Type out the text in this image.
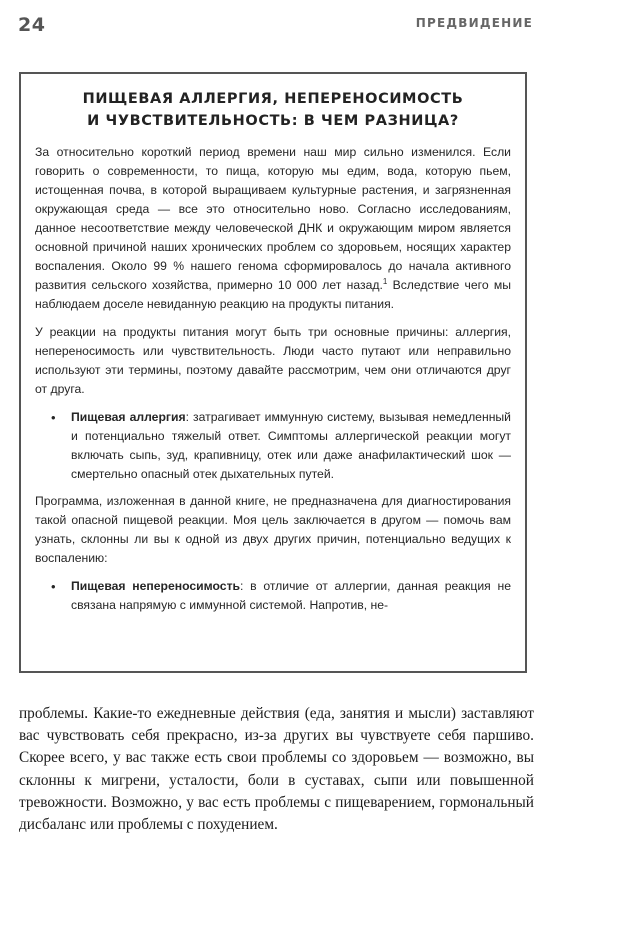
24	ПРЕДВИДЕНИЕ
ПИЩЕВАЯ АЛЛЕРГИЯ, НЕПЕРЕНОСИМОСТЬ
И ЧУВСТВИТЕЛЬНОСТЬ: В ЧЕМ РАЗНИЦА?

За относительно короткий период времени наш мир сильно изменился. Если говорить о современности, то пища, которую мы едим, вода, которую пьем, истощенная почва, в которой выращиваем культурные растения, и загрязненная окружающая среда — все это относительно ново. Согласно исследованиям, данное несоответствие между человеческой ДНК и окружающим миром является основной причиной наших хронических проблем со здоровьем, носящих характер воспаления. Около 99 % нашего генома сформировалось до начала активного развития сельского хозяйства, примерно 10 000 лет назад.$^1$ Вследствие чего мы наблюдаем доселе невиданную реакцию на продукты питания.

У реакции на продукты питания могут быть три основные причины: аллергия, непереносимость или чувствительность. Люди часто путают или неправильно используют эти термины, поэтому давайте рассмотрим, чем они отличаются друг от друга.

• Пищевая аллергия: затрагивает иммунную систему, вызывая немедленный и потенциально тяжелый ответ. Симптомы аллергической реакции могут включать сыпь, зуд, крапивницу, отек или даже анафилактический шок — смертельно опасный отек дыхательных путей.

Программа, изложенная в данной книге, не предназначена для диагностирования такой опасной пищевой реакции. Моя цель заключается в другом — помочь вам узнать, склонны ли вы к одной из двух других причин, потенциально ведущих к воспалению:

• Пищевая непереносимость: в отличие от аллергии, данная реакция не связана напрямую с иммунной системой. Напротив, не-

проблемы. Какие-то ежедневные действия (еда, занятия и мысли) заставляют вас чувствовать себя прекрасно, из-за других вы чувствуете себя паршиво. Скорее всего, у вас также есть свои проблемы со здоровьем — возможно, вы склонны к мигрени, усталости, боли в суставах, сыпи или повышенной тревожности. Возможно, у вас есть проблемы с пищеварением, гормональный дисбаланс или проблемы с похудением.
